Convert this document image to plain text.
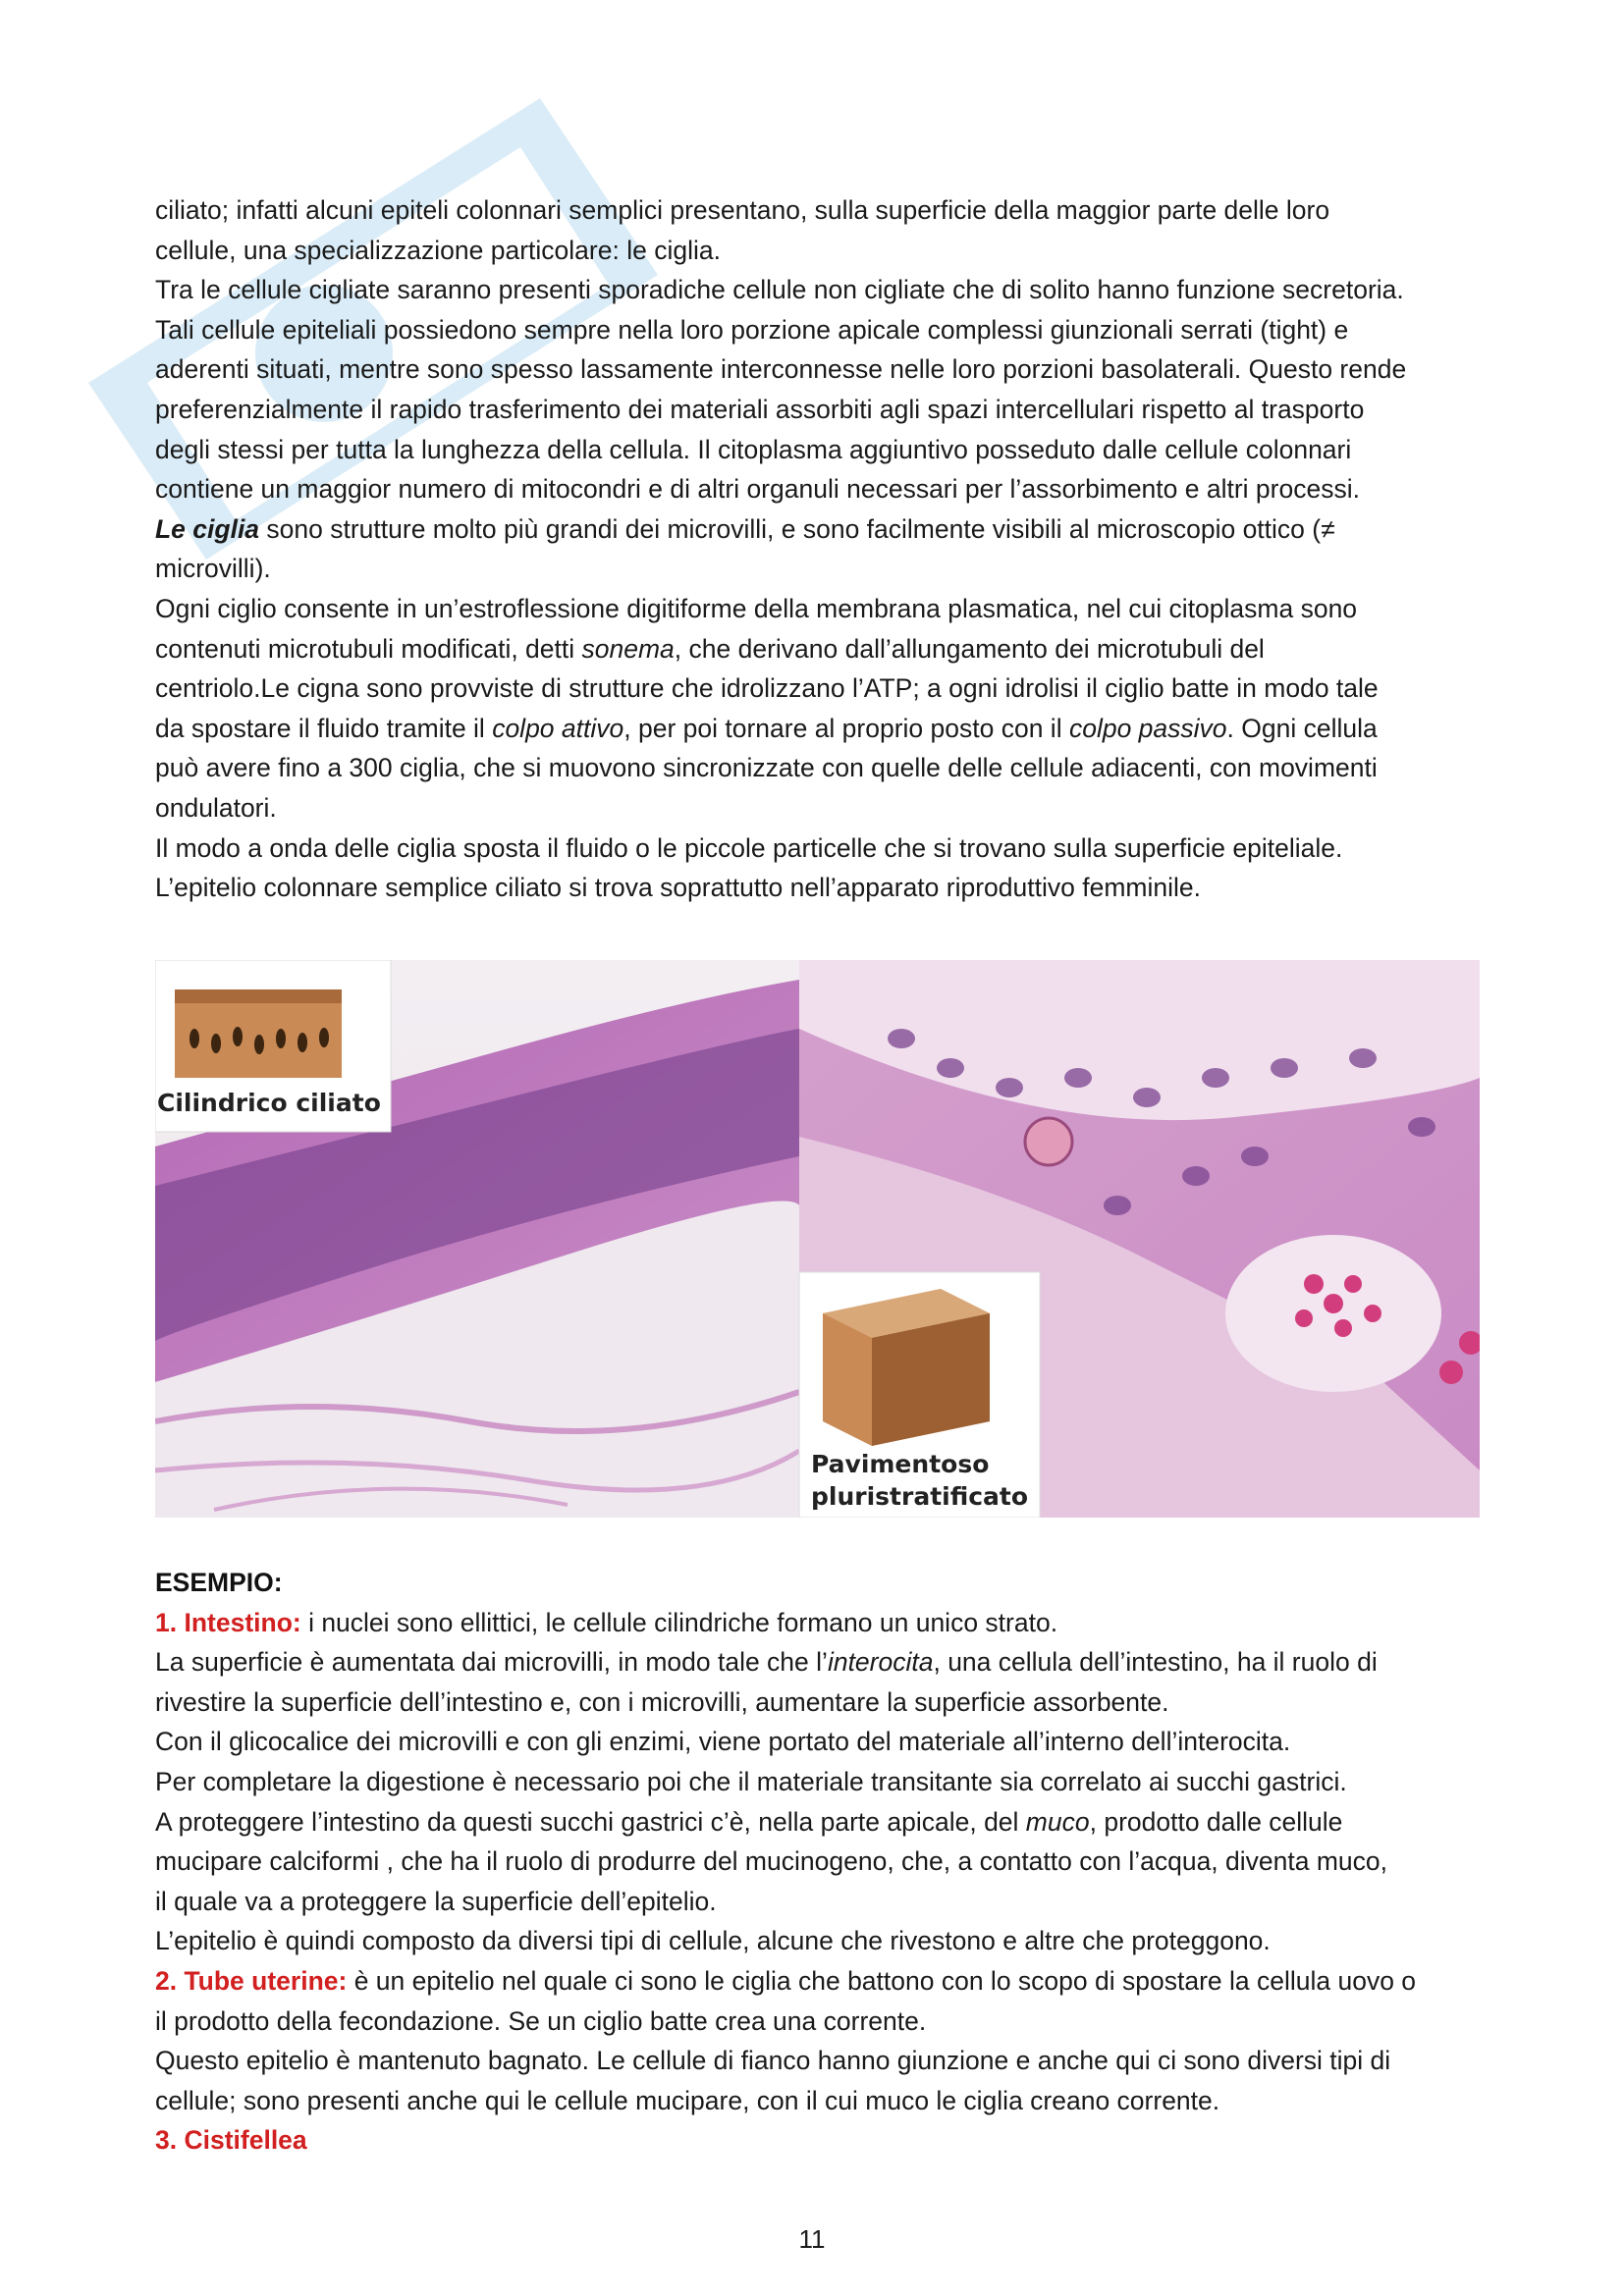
ciliato; infatti alcuni epiteli colonnari semplici presentano, sulla superficie della maggior parte delle loro

cellule, una specializzazione particolare: le ciglia.

Tra le cellule cigliate saranno presenti sporadiche cellule non cigliate che di solito hanno funzione secretoria.

Tali cellule epiteliali possiedono sempre nella loro porzione apicale complessi giunzionali serrati (tight) e

aderenti situati, mentre sono spesso lassamente interconnesse nelle loro porzioni basolaterali. Questo rende

preferenzialmente il rapido trasferimento dei materiali assorbiti agli spazi intercellulari rispetto al trasporto

degli stessi per tutta la lunghezza della cellula. Il citoplasma aggiuntivo posseduto dalle cellule colonnari

contiene un maggior numero di mitocondri e di altri organuli necessari per l’assorbimento e altri processi.

Le ciglia sono strutture molto più grandi dei microvilli, e sono facilmente visibili al microscopio ottico (≠

microvilli).

Ogni ciglio consente in un’estroflessione digitiforme della membrana plasmatica, nel cui citoplasma sono

contenuti microtubuli modificati, detti sonema, che derivano dall’allungamento dei microtubuli del

centriolo.Le cigna sono provviste di strutture che idrolizzano l’ATP; a ogni idrolisi il ciglio batte in modo tale

da spostare il fluido tramite il colpo attivo, per poi tornare al proprio posto con il colpo passivo. Ogni cellula

può avere fino a 300 ciglia, che si muovono sincronizzate con quelle delle cellule adiacenti, con movimenti

ondulatori.

Il modo a onda delle ciglia sposta il fluido o le piccole particelle che si trovano sulla superficie epiteliale.

L’epitelio colonnare semplice ciliato si trova soprattutto nell’apparato riproduttivo femminile.

Cilindrico ciliato
Pavimentoso
pluristratificato

ESEMPIO:

1. Intestino: i nuclei sono ellittici, le cellule cilindriche formano un unico strato.

La superficie è aumentata dai microvilli, in modo tale che l’interocita, una cellula dell’intestino, ha il ruolo di

rivestire la superficie dell’intestino e, con i microvilli, aumentare la superficie assorbente.

Con il glicocalice dei microvilli e con gli enzimi, viene portato del materiale all’interno dell’interocita.

Per completare la digestione è necessario poi che il materiale transitante sia correlato ai succhi gastrici.

A proteggere l’intestino da questi succhi gastrici c’è, nella parte apicale, del muco, prodotto dalle cellule

mucipare calciformi , che ha il ruolo di produrre del mucinogeno, che, a contatto con l’acqua, diventa muco,

il quale va a proteggere la superficie dell’epitelio.

L’epitelio è quindi composto da diversi tipi di cellule, alcune che rivestono e altre che proteggono.

2. Tube uterine: è un epitelio nel quale ci sono le ciglia che battono con lo scopo di spostare la cellula uovo o

il prodotto della fecondazione. Se un ciglio batte crea una corrente.

Questo epitelio è mantenuto bagnato. Le cellule di fianco hanno giunzione e anche qui ci sono diversi tipi di

cellule; sono presenti anche qui le cellule mucipare, con il cui muco le ciglia creano corrente.

3. Cistifellea

11
